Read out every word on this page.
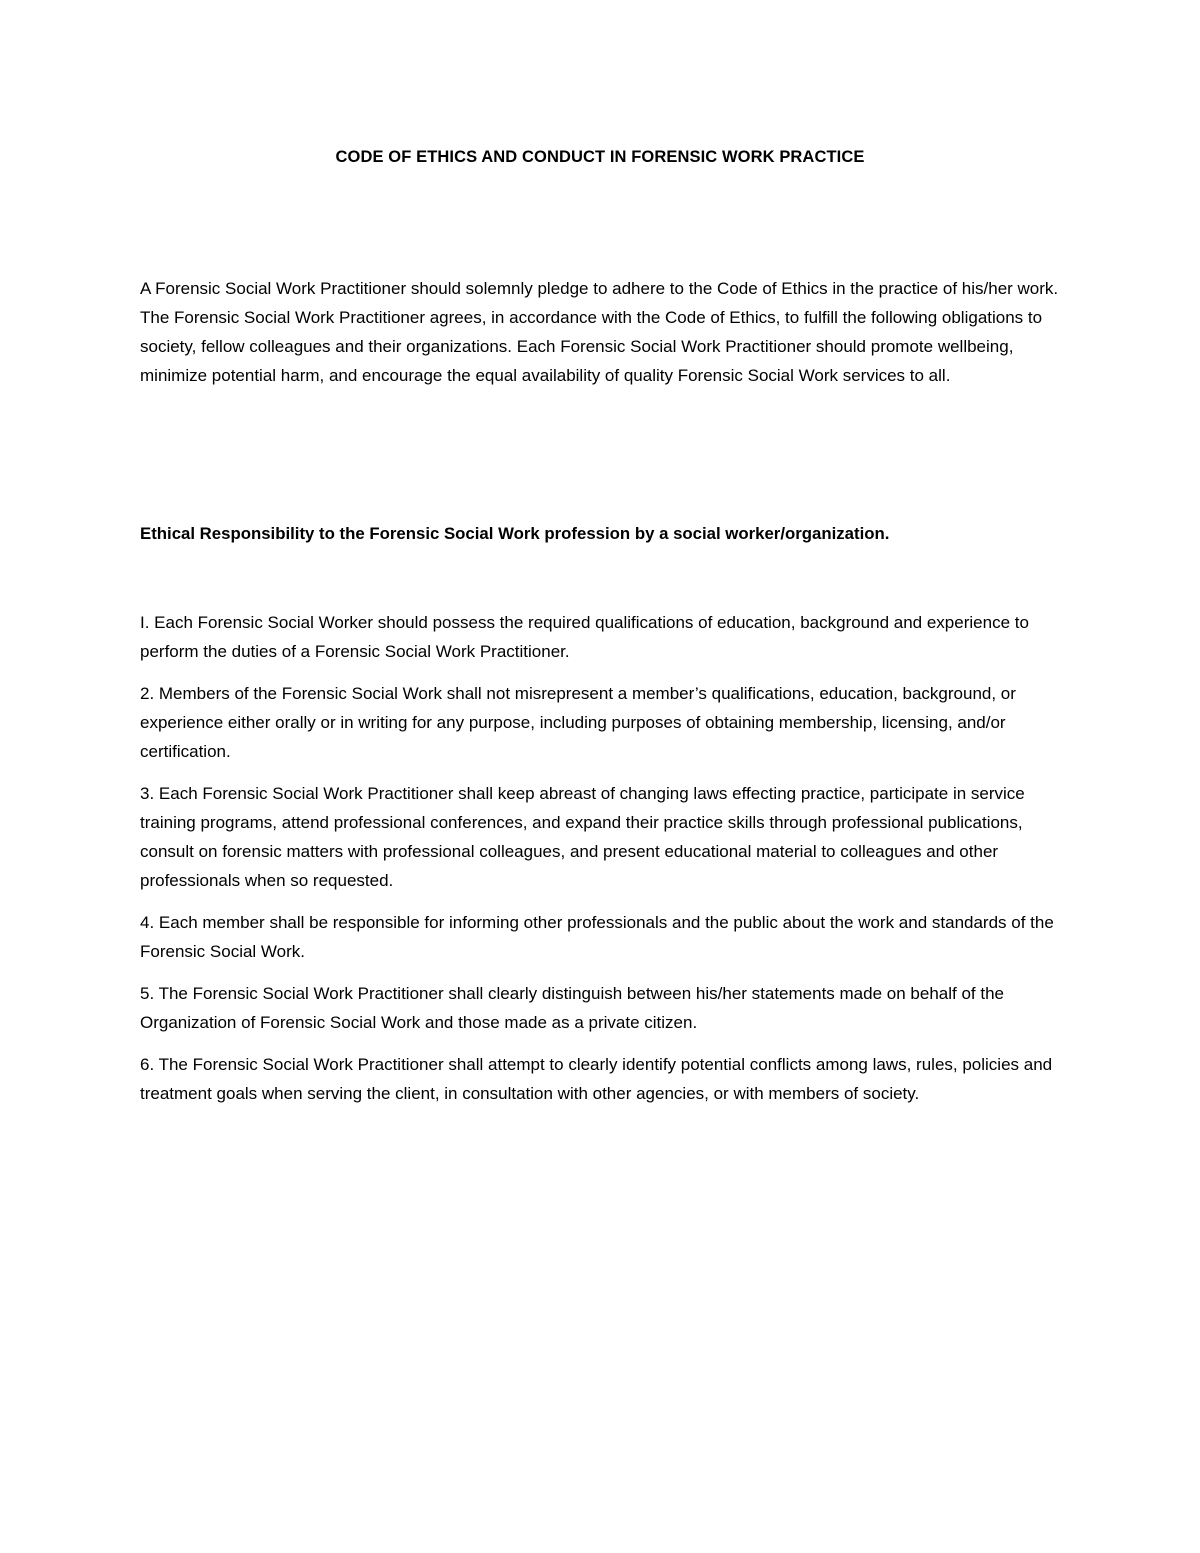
CODE OF ETHICS AND CONDUCT IN FORENSIC WORK PRACTICE

A Forensic Social Work Practitioner should solemnly pledge to adhere to the Code of Ethics in the practice of his/her work. The Forensic Social Work Practitioner agrees, in accordance with the Code of Ethics, to fulfill the following obligations to society, fellow colleagues and their organizations. Each Forensic Social Work Practitioner should promote wellbeing, minimize potential harm, and encourage the equal availability of quality Forensic Social Work services to all.

Ethical Responsibility to the Forensic Social Work profession by a social worker/organization.

I. Each Forensic Social Worker should possess the required qualifications of education, background and experience to perform the duties of a Forensic Social Work Practitioner.

2. Members of the Forensic Social Work shall not misrepresent a member’s qualifications, education, background, or experience either orally or in writing for any purpose, including purposes of obtaining membership, licensing, and/or certification.

3. Each Forensic Social Work Practitioner shall keep abreast of changing laws effecting practice, participate in service training programs, attend professional conferences, and expand their practice skills through professional publications, consult on forensic matters with professional colleagues, and present educational material to colleagues and other professionals when so requested.

4. Each member shall be responsible for informing other professionals and the public about the work and standards of the Forensic Social Work.

5. The Forensic Social Work Practitioner shall clearly distinguish between his/her statements made on behalf of the Organization of Forensic Social Work and those made as a private citizen.

6. The Forensic Social Work Practitioner shall attempt to clearly identify potential conflicts among laws, rules, policies and treatment goals when serving the client, in consultation with other agencies, or with members of society.
